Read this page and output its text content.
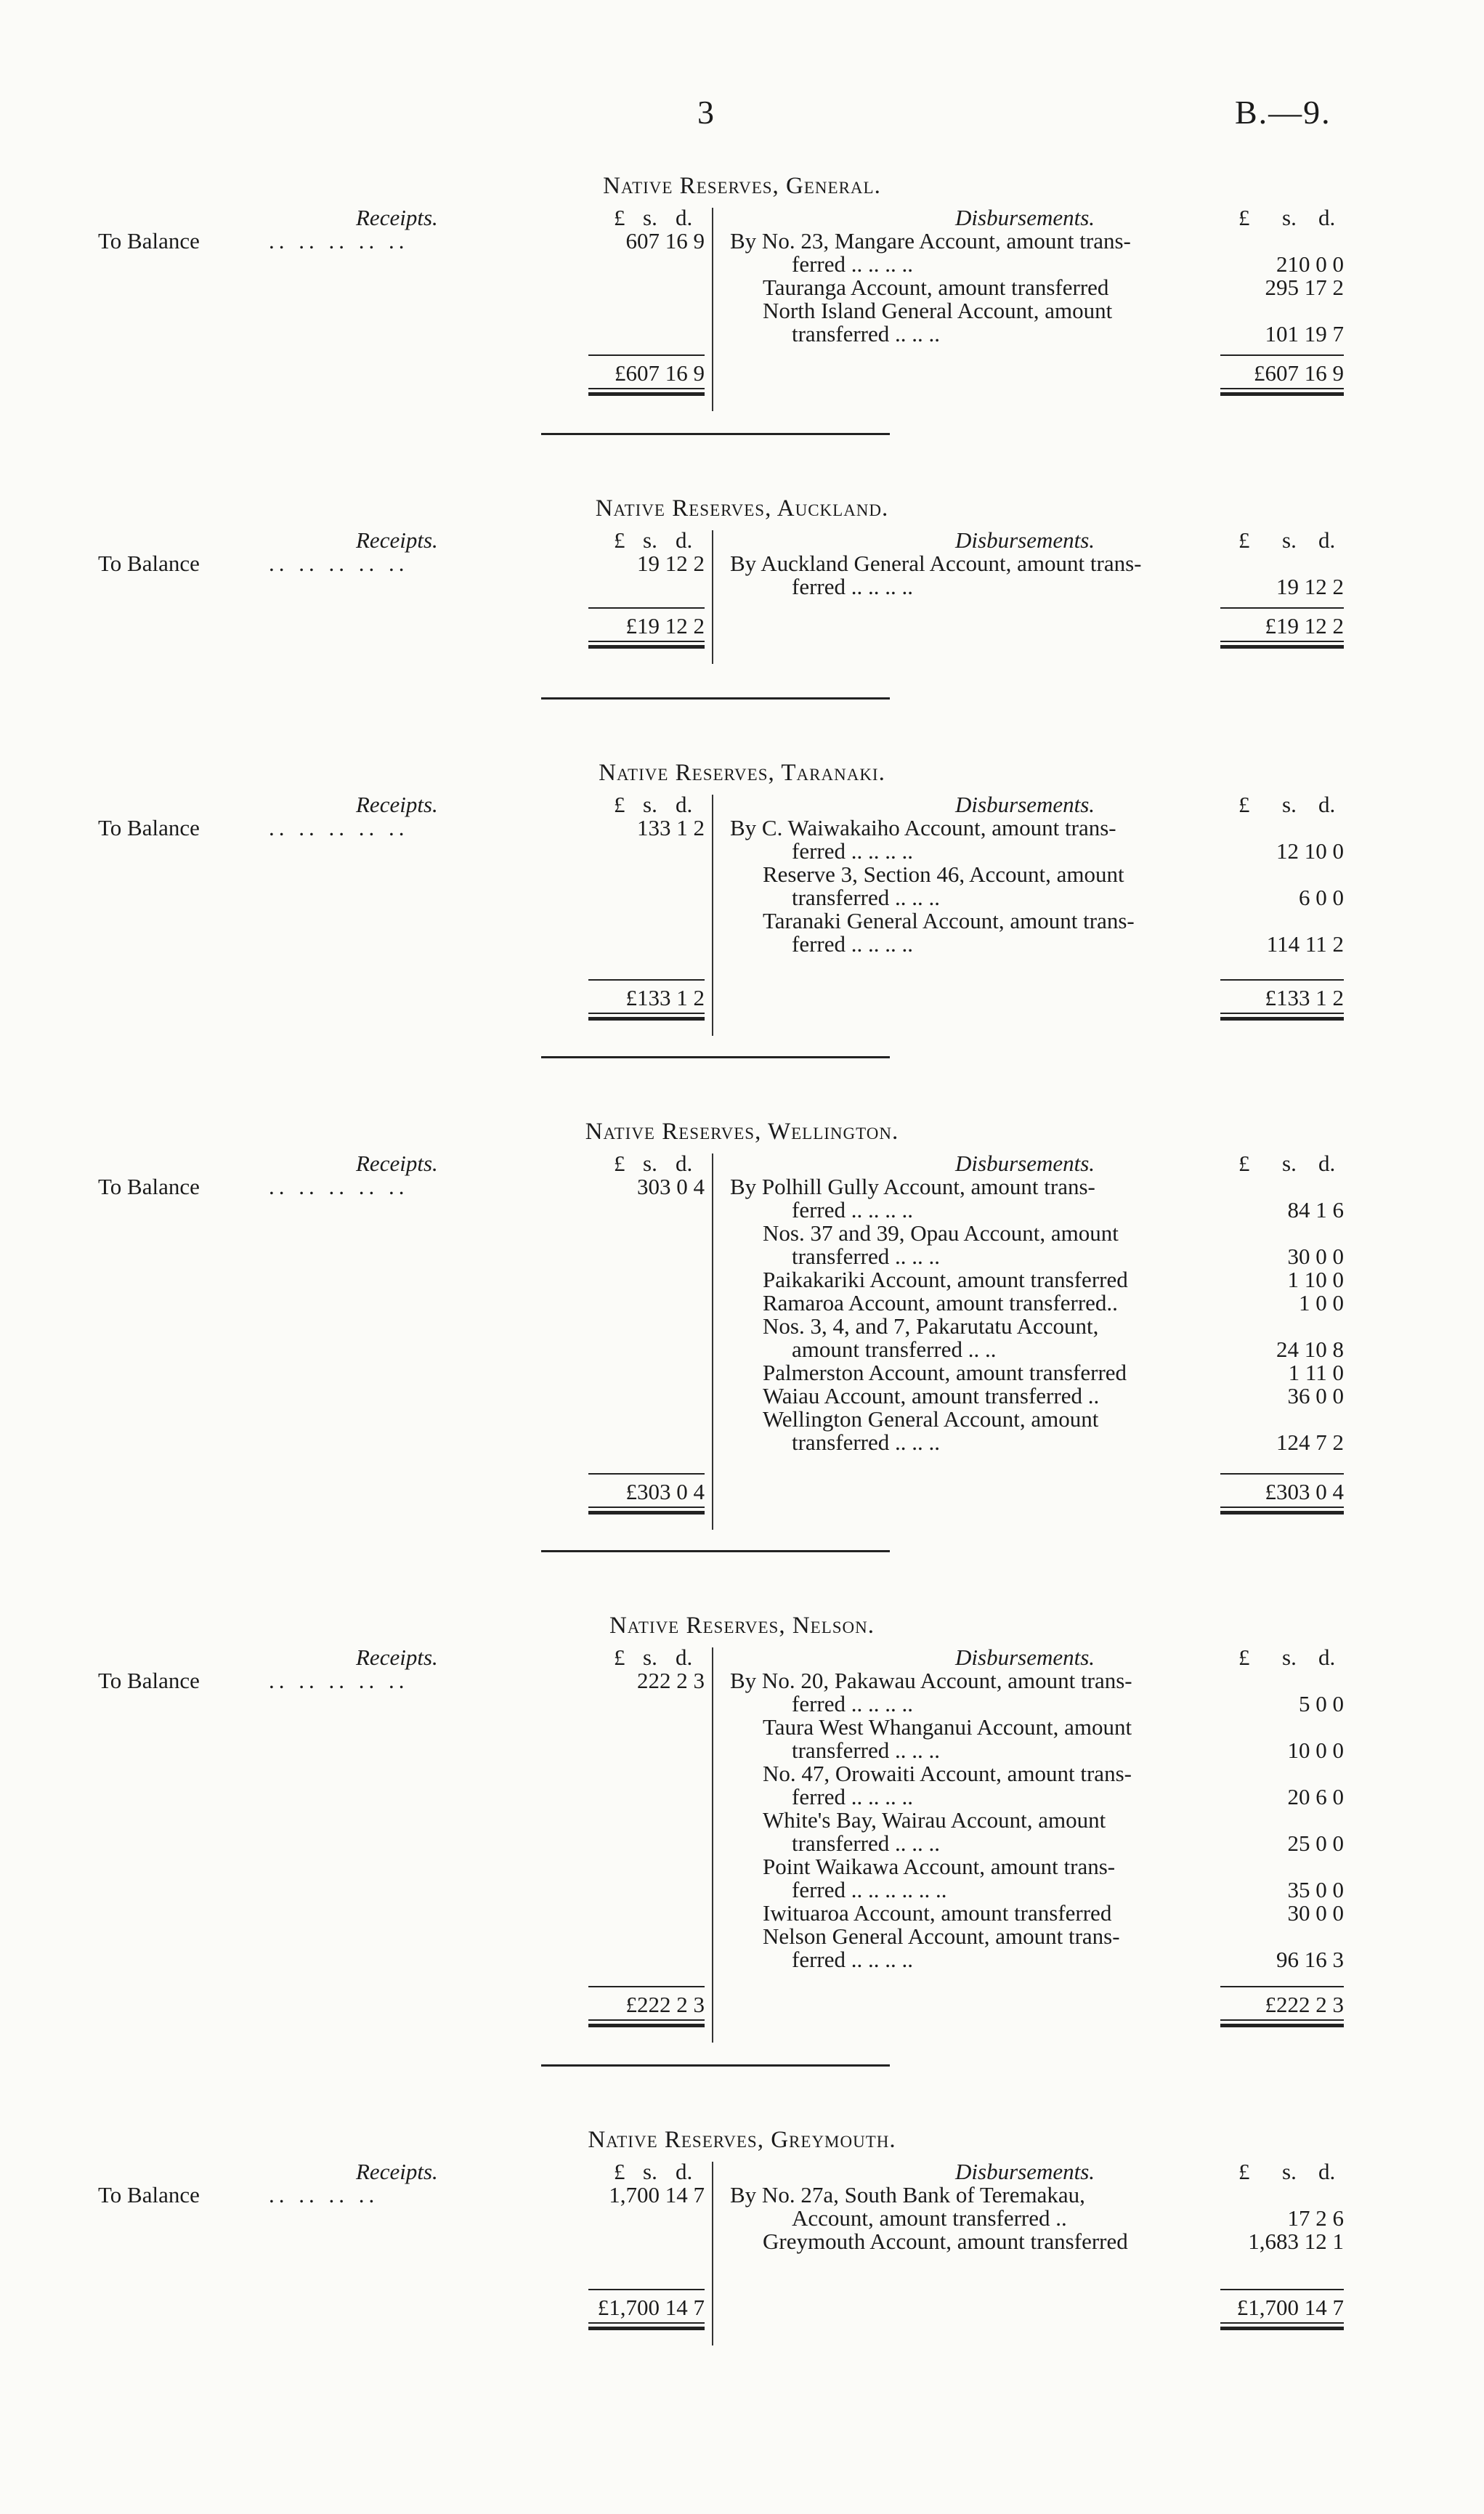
3	B.—9.
Native Reserves, General.
Receipts.	£ s. d.	Disbursements.	£ s. d.
To Balance	.. .. .. .. ..	607 16 9 By No. 23, Mangare Account, amount trans-
ferred .. .. .. ..	210 0 0
Tauranga Account, amount transferred	295 17 2
North Island General Account, amount
transferred .. .. ..	101 19 7
£607 16 9	£607 16 9
Native Reserves, Auckland.
Receipts.	£ s. d.	Disbursements.	£ s. d.
To Balance	.. .. .. .. ..	19 12 2 By Auckland General Account, amount trans-
ferred .. .. .. ..	19 12 2
£19 12 2	£19 12 2
Native Reserves, Taranaki.
Receipts.	£ s. d.	Disbursements.	£ s. d.
To Balance	.. .. .. .. ..	133 1 2 By C. Waiwakaiho Account, amount trans-
ferred .. .. .. ..	12 10 0
Reserve 3, Section 46, Account, amount
transferred .. .. ..	6 0 0
Taranaki General Account, amount trans-
ferred .. .. .. ..	114 11 2
£133 1 2	£133 1 2
Native Reserves, Wellington.
Receipts.	£ s. d.	Disbursements.	£ s. d.
To Balance	.. .. .. .. ..	303 0 4 By Polhill Gully Account, amount trans-
ferred .. .. .. ..	84 1 6
Nos. 37 and 39, Opau Account, amount
transferred .. .. ..	30 0 0
Paikakariki Account, amount transferred	1 10 0
Ramaroa Account, amount transferred..	1 0 0
Nos. 3, 4, and 7, Pakarutatu Account,
amount transferred .. ..	24 10 8
Palmerston Account, amount transferred	1 11 0
Waiau Account, amount transferred ..	36 0 0
Wellington General Account, amount
transferred .. .. ..	124 7 2
£303 0 4	£303 0 4
Native Reserves, Nelson.
Receipts.	£ s. d.	Disbursements.	£ s. d.
To Balance	.. .. .. .. ..	222 2 3 By No. 20, Pakawau Account, amount trans-
ferred .. .. .. ..	5 0 0
Taura West Whanganui Account, amount
transferred .. .. ..	10 0 0
No. 47, Orowaiti Account, amount trans-
ferred .. .. .. ..	20 6 0
White's Bay, Wairau Account, amount
transferred .. .. ..	25 0 0
Point Waikawa Account, amount trans-
ferred .. .. .. .. .. ..	35 0 0
Iwituaroa Account, amount transferred	30 0 0
Nelson General Account, amount trans-
ferred .. .. .. ..	96 16 3
£222 2 3	£222 2 3
Native Reserves, Greymouth.
Receipts.	£ s. d.	Disbursements.	£ s. d.
To Balance	.. .. .. ..	1,700 14 7 By No. 27a, South Bank of Teremakau,
Account, amount transferred ..	17 2 6
Greymouth Account, amount transferred	1,683 12 1
£1,700 14 7	£1,700 14 7
